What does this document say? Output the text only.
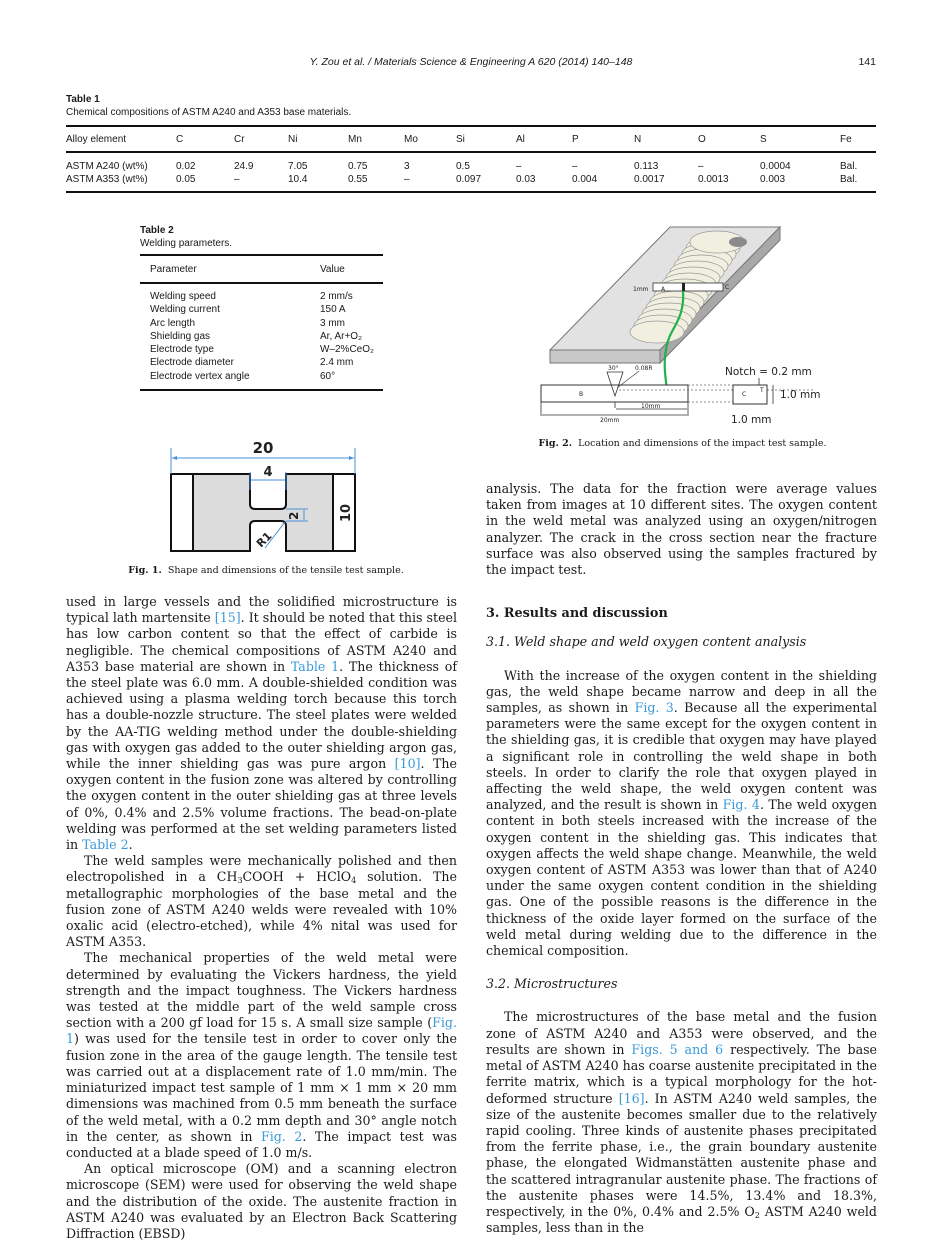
Y. Zou et al. / Materials Science & Engineering A 620 (2014) 140–148	141
Table 1
Chemical compositions of ASTM A240 and A353 base materials.
Alloy element	C	Cr	Ni	Mn	Mo	Si	Al	P	N	O	S	Fe
ASTM A240 (wt%)	0.02	24.9	7.05	0.75	3	0.5	–	–	0.113	–	0.0004	Bal.
ASTM A353 (wt%)	0.05	–	10.4	0.55	–	0.097	0.03	0.004	0.0017	0.0013	0.003	Bal.
Table 2
Welding parameters.
Parameter	Value
Welding speed	2 mm/s
Welding current	150 A
Arc length	3 mm
Shielding gas	Ar, Ar+O₂
Electrode type	W–2%CeO₂
Electrode diameter	2.4 mm
Electrode vertex angle	60°
20
4
2	10
R1
Fig. 1. Shape and dimensions of the tensile test sample.
1mm A	C
B
30°	0.08R
10mm
20mm
C
T
Notch = 0.2 mm
1.0 mm
1.0 mm
Fig. 2. Location and dimensions of the impact test sample.

used in large vessels and the solidified microstructure is typical lath martensite [15]. It should be noted that this steel has low carbon content so that the effect of carbide is negligible. The chemical compositions of ASTM A240 and A353 base material are shown in Table 1. The thickness of the steel plate was 6.0 mm. A double-shielded condition was achieved using a plasma welding torch because this torch has a double-nozzle structure. The steel plates were welded by the AA-TIG welding method under the double-shielding gas with oxygen gas added to the outer shielding argon gas, while the inner shielding gas was pure argon [10]. The oxygen content in the fusion zone was altered by controlling the oxygen content in the outer shielding gas at three levels of 0%, 0.4% and 2.5% volume fractions. The bead-on-plate welding was performed at the set welding parameters listed in Table 2.

The weld samples were mechanically polished and then electropolished in a $CH_3COOH$ + HClO$_4$ solution. The metallographic morphologies of the base metal and the fusion zone of ASTM A240 welds were revealed with 10% oxalic acid (electro-etched), while 4% nital was used for ASTM A353.

The mechanical properties of the weld metal were determined by evaluating the Vickers hardness, the yield strength and the impact toughness. The Vickers hardness was tested at the middle part of the weld sample cross section with a 200 gf load for 15 s. A small size sample (Fig. 1) was used for the tensile test in order to cover only the fusion zone in the area of the gauge length. The tensile test was carried out at a displacement rate of 1.0 mm/min. The miniaturized impact test sample of 1 mm × 1 mm × 20 mm dimensions was machined from 0.5 mm beneath the surface of the weld metal, with a 0.2 mm depth and 30° angle notch in the center, as shown in Fig. 2. The impact test was conducted at a blade speed of 1.0 m/s.

An optical microscope (OM) and a scanning electron microscope (SEM) were used for observing the weld shape and the distribution of the oxide. The austenite fraction in ASTM A240 was evaluated by an Electron Back Scattering Diffraction (EBSD)

analysis. The data for the fraction were average values taken from images at 10 different sites. The oxygen content in the weld metal was analyzed using an oxygen/nitrogen analyzer. The crack in the cross section near the fracture surface was also observed using the samples fractured by the impact test.

3. Results and discussion
3.1. Weld shape and weld oxygen content analysis

With the increase of the oxygen content in the shielding gas, the weld shape became narrow and deep in all the samples, as shown in Fig. 3. Because all the experimental parameters were the same except for the oxygen content in the shielding gas, it is credible that oxygen may have played a significant role in controlling the weld shape in both steels. In order to clarify the role that oxygen played in affecting the weld shape, the weld oxygen content was analyzed, and the result is shown in Fig. 4. The weld oxygen content in both steels increased with the increase of the oxygen content in the shielding gas. This indicates that oxygen affects the weld shape change. Meanwhile, the weld oxygen content of ASTM A353 was lower than that of A240 under the same oxygen content condition in the shielding gas. One of the possible reasons is the difference in the thickness of the oxide layer formed on the surface of the weld metal during welding due to the difference in the chemical composition.

3.2. Microstructures

The microstructures of the base metal and the fusion zone of ASTM A240 and A353 were observed, and the results are shown in Figs. 5 and 6 respectively. The base metal of ASTM A240 has coarse austenite precipitated in the ferrite matrix, which is a typical morphology for the hot-deformed structure [16]. In ASTM A240 weld samples, the size of the austenite becomes smaller due to the relatively rapid cooling. Three kinds of austenite phases precipitated from the ferrite phase, i.e., the grain boundary austenite phase, the elongated Widmanstätten austenite phase and the scattered intragranular austenite phase. The fractions of the austenite phases were 14.5%, 13.4% and 18.3%, respectively, in the 0%, 0.4% and 2.5% $O_2$ ASTM A240 weld samples, less than in the
